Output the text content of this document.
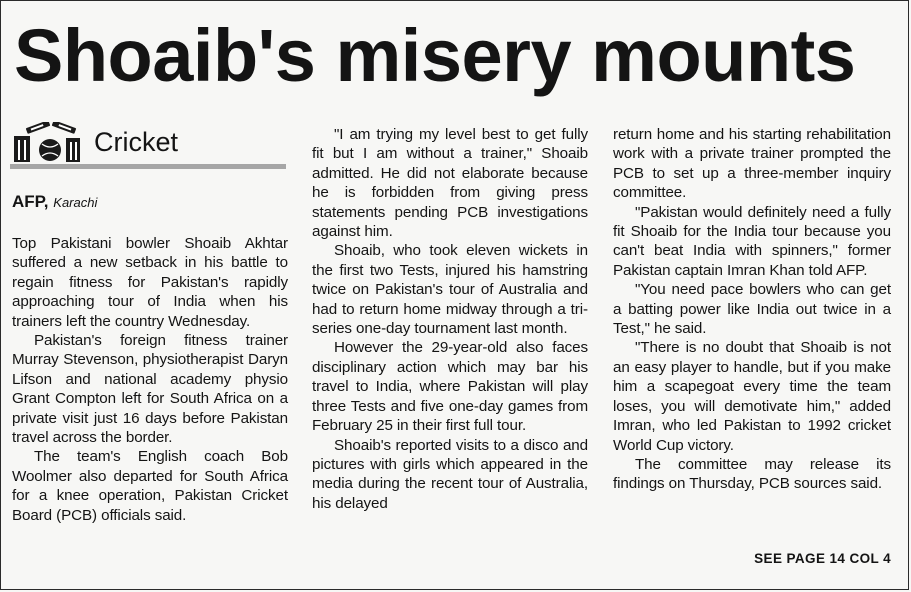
Shoaib's misery mounts
Cricket
AFP, Karachi

Top Pakistani bowler Shoaib Akhtar suffered a new setback in his battle to regain fitness for Pakistan's rapidly approaching tour of India when his trainers left the country Wednesday.

Pakistan's foreign fitness trainer Murray Stevenson, physiotherapist Daryn Lifson and national academy physio Grant Compton left for South Africa on a private visit just 16 days before Pakistan travel across the border.

The team's English coach Bob Woolmer also departed for South Africa for a knee operation, Pakistan Cricket Board (PCB) officials said.

"I am trying my level best to get fully fit but I am without a trainer," Shoaib admitted. He did not elaborate because he is forbidden from giving press statements pending PCB investigations against him.

Shoaib, who took eleven wickets in the first two Tests, injured his hamstring twice on Pakistan's tour of Australia and had to return home midway through a tri-series one-day tournament last month.

However the 29-year-old also faces disciplinary action which may bar his travel to India, where Pakistan will play three Tests and five one-day games from February 25 in their first full tour.

Shoaib's reported visits to a disco and pictures with girls which appeared in the media during the recent tour of Australia, his delayed

return home and his starting rehabilitation work with a private trainer prompted the PCB to set up a three-member inquiry committee.

"Pakistan would definitely need a fully fit Shoaib for the India tour because you can't beat India with spinners," former Pakistan captain Imran Khan told AFP.

"You need pace bowlers who can get a batting power like India out twice in a Test," he said.

"There is no doubt that Shoaib is not an easy player to handle, but if you make him a scapegoat every time the team loses, you will demotivate him," added Imran, who led Pakistan to 1992 cricket World Cup victory.

The committee may release its findings on Thursday, PCB sources said.

SEE PAGE 14 COL 4
